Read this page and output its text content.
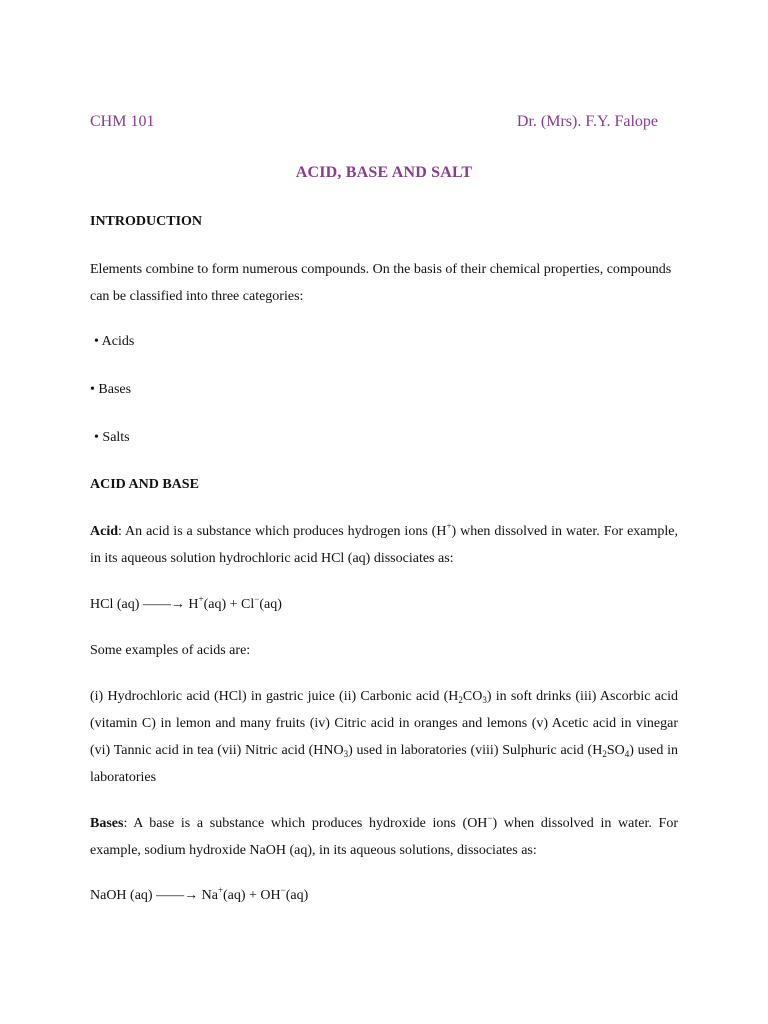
CHM 101	Dr. (Mrs). F.Y. Falope
ACID, BASE AND SALT
INTRODUCTION
Elements combine to form numerous compounds. On the basis of their chemical properties, compounds can be classified into three categories:
• Acids
• Bases
• Salts
ACID AND BASE
Acid: An acid is a substance which produces hydrogen ions (H+) when dissolved in water. For example, in its aqueous solution hydrochloric acid HCl (aq) dissociates as:
HCl (aq) ——→ H+(aq) + Cl−(aq)
Some examples of acids are:
(i) Hydrochloric acid (HCl) in gastric juice (ii) Carbonic acid $(H_2CO_3)$ in soft drinks (iii) Ascorbic acid (vitamin C) in lemon and many fruits (iv) Citric acid in oranges and lemons (v) Acetic acid in vinegar (vi) Tannic acid in tea (vii) Nitric acid $(HNO_3)$ used in laboratories (viii) Sulphuric acid $(H_2SO_4)$ used in laboratories
Bases: A base is a substance which produces hydroxide ions (OH−) when dissolved in water. For example, sodium hydroxide NaOH (aq), in its aqueous solutions, dissociates as:
NaOH (aq) ——→ Na+(aq) + OH−(aq)
